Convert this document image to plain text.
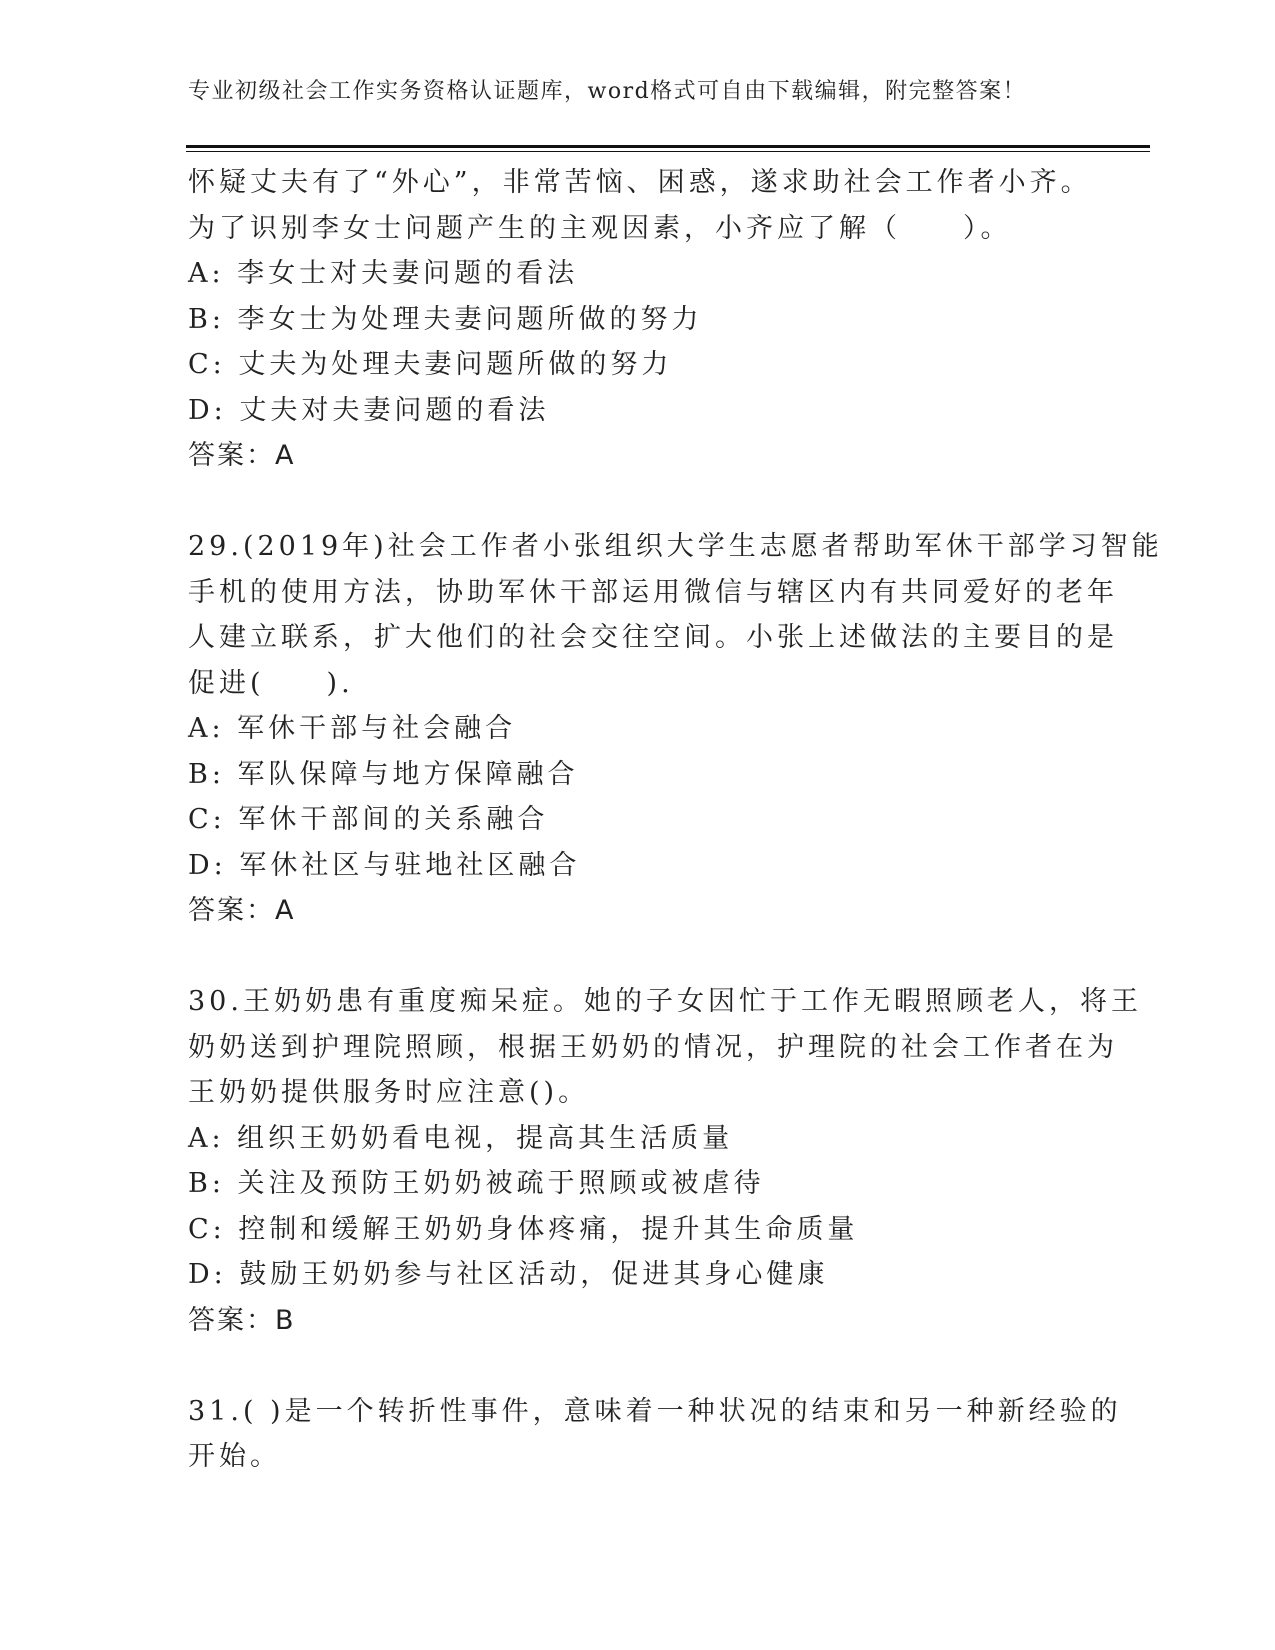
专业初级社会工作实务资格认证题库，word格式可自由下载编辑，附完整答案！
怀疑丈夫有了“外心”，非常苦恼、困惑，遂求助社会工作者小齐。
为了识别李女士问题产生的主观因素，小齐应了解（　　）。
A: 李女士对夫妻问题的看法
B: 李女士为处理夫妻问题所做的努力
C: 丈夫为处理夫妻问题所做的努力
D: 丈夫对夫妻问题的看法
答案：A
29.(2019年)社会工作者小张组织大学生志愿者帮助军休干部学习智能
手机的使用方法，协助军休干部运用微信与辖区内有共同爱好的老年
人建立联系，扩大他们的社会交往空间。小张上述做法的主要目的是
促进(　　).
A: 军休干部与社会融合
B: 军队保障与地方保障融合
C: 军休干部间的关系融合
D: 军休社区与驻地社区融合
答案：A
30.王奶奶患有重度痴呆症。她的子女因忙于工作无暇照顾老人，将王
奶奶送到护理院照顾，根据王奶奶的情况，护理院的社会工作者在为
王奶奶提供服务时应注意()。
A: 组织王奶奶看电视，提高其生活质量
B: 关注及预防王奶奶被疏于照顾或被虐待
C: 控制和缓解王奶奶身体疼痛，提升其生命质量
D: 鼓励王奶奶参与社区活动，促进其身心健康
答案：B
31.( )是一个转折性事件，意味着一种状况的结束和另一种新经验的
开始。
